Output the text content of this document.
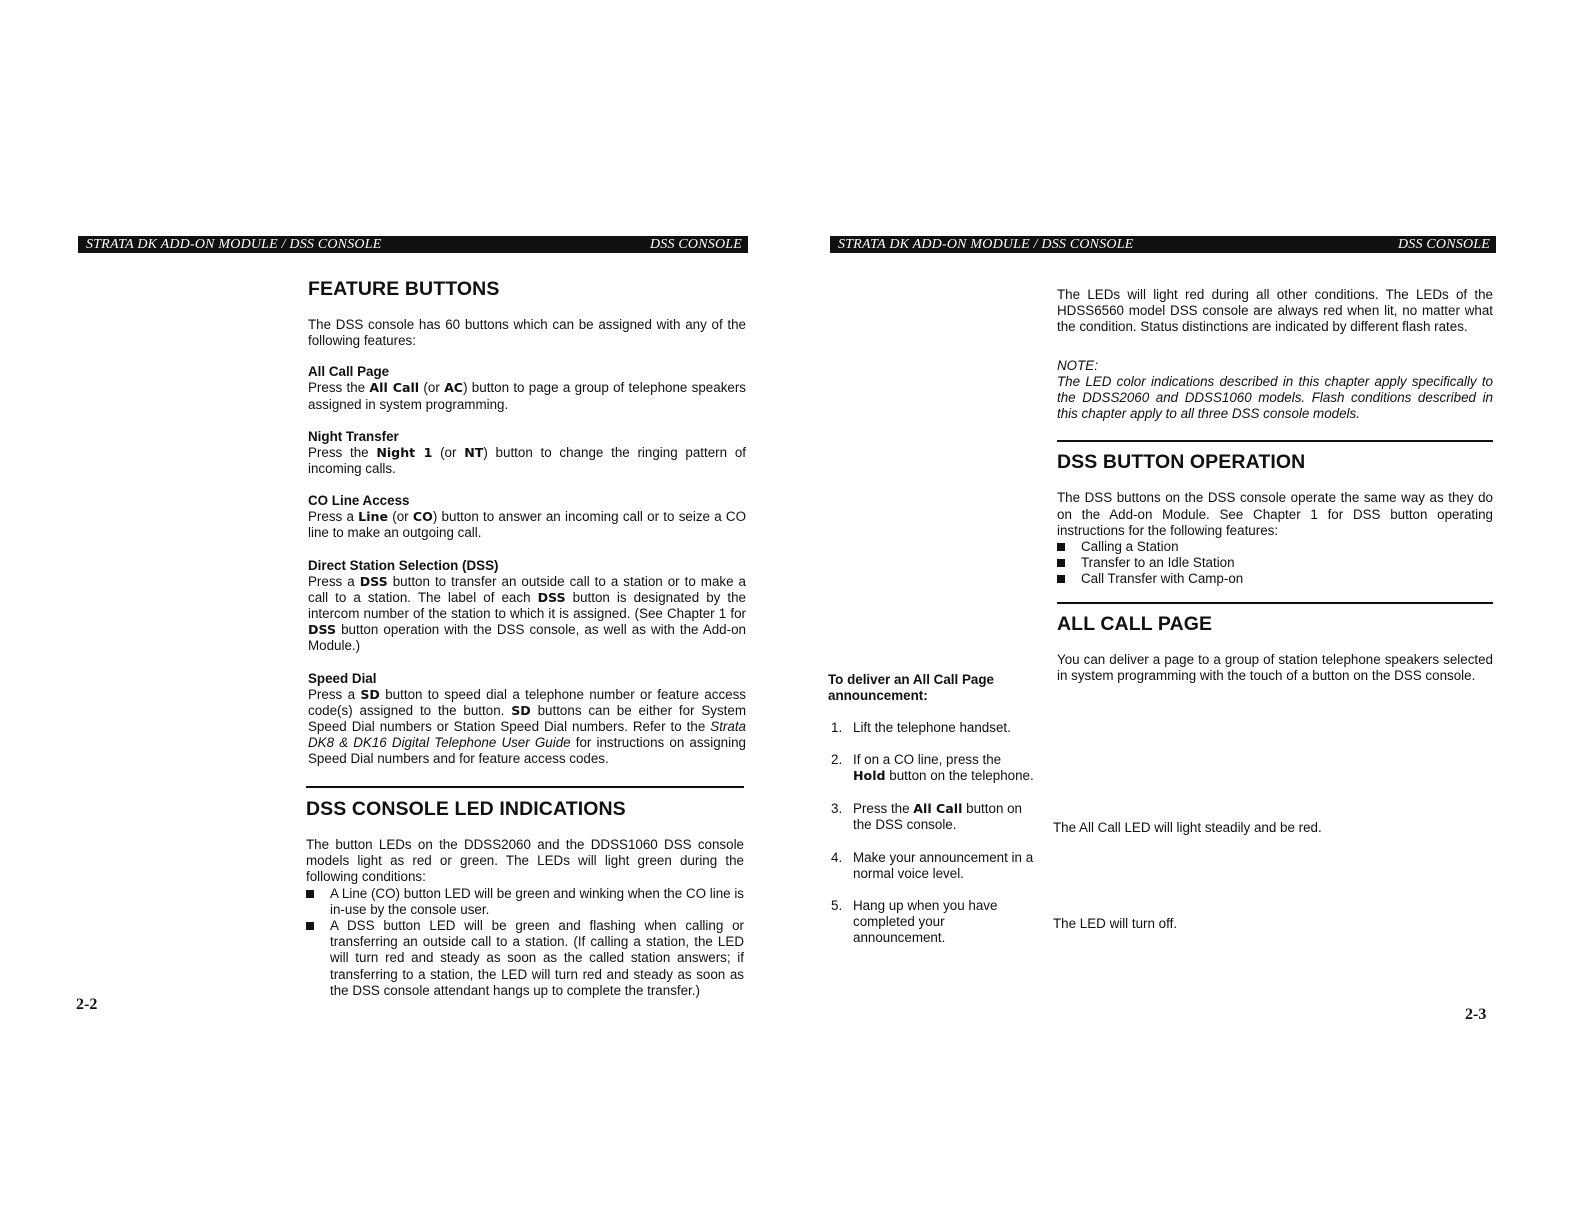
STRATA DK ADD-ON MODULE / DSS CONSOLE	DSS CONSOLE
FEATURE BUTTONS

The DSS console has 60 buttons which can be assigned with any of the following features:

All Call Page

Press the All Call (or AC) button to page a group of telephone speakers assigned in system programming.

Night Transfer

Press the Night 1 (or NT) button to change the ringing pattern of incoming calls.

CO Line Access

Press a Line (or CO) button to answer an incoming call or to seize a CO line to make an outgoing call.

Direct Station Selection (DSS)

Press a DSS button to transfer an outside call to a station or to make a call to a station. The label of each DSS button is designated by the intercom number of the station to which it is assigned. (See Chapter 1 for DSS button operation with the DSS console, as well as with the Add-on Module.)

Speed Dial

Press a SD button to speed dial a telephone number or feature access code(s) assigned to the button. SD buttons can be either for System Speed Dial numbers or Station Speed Dial numbers. Refer to the Strata DK8 & DK16 Digital Telephone User Guide for instructions on assigning Speed Dial numbers and for feature access codes.

DSS CONSOLE LED INDICATIONS

The button LEDs on the DDSS2060 and the DDSS1060 DSS console models light as red or green. The LEDs will light green during the following conditions:

A Line (CO) button LED will be green and winking when the CO line is in-use by the console user.
A DSS button LED will be green and flashing when calling or transferring an outside call to a station. (If calling a station, the LED will turn red and steady as soon as the called station answers; if transferring to a station, the LED will turn red and steady as soon as the DSS console attendant hangs up to complete the transfer.)
2-2
STRATA DK ADD-ON MODULE / DSS CONSOLE	DSS CONSOLE

The LEDs will light red during all other conditions. The LEDs of the HDSS6560 model DSS console are always red when lit, no matter what the condition. Status distinctions are indicated by different flash rates.

NOTE:

The LED color indications described in this chapter apply specifically to the DDSS2060 and DDSS1060 models. Flash conditions described in this chapter apply to all three DSS console models.

DSS BUTTON OPERATION

The DSS buttons on the DSS console operate the same way as they do on the Add-on Module. See Chapter 1 for DSS button operating instructions for the following features:

Calling a Station
Transfer to an Idle Station
Call Transfer with Camp-on
ALL CALL PAGE

You can deliver a page to a group of station telephone speakers selected in system programming with the touch of a button on the DSS console.

To deliver an All Call Page
announcement:
1. Lift the telephone handset.
2. If on a CO line, press the
Hold button on the telephone.
3. Press the All Call button on
the DSS console.	The All Call LED will light steadily and be red.
4. Make your announcement in a
normal voice level.
5. Hang up when you have
completed your
announcement.
The LED will turn off.
2-3
